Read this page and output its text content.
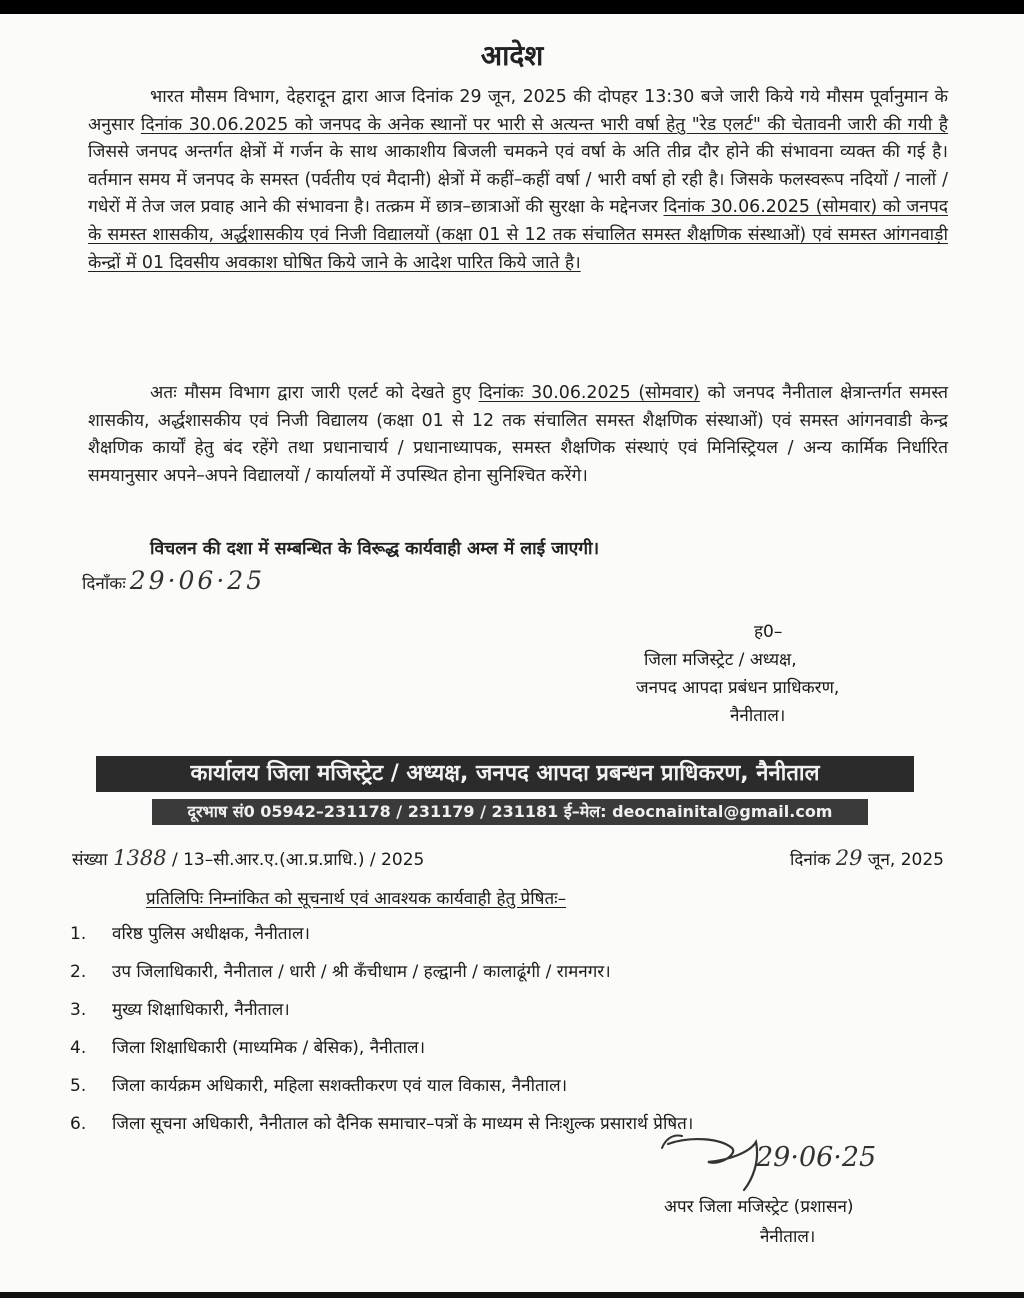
आदेश
भारत मौसम विभाग, देहरादून द्वारा आज दिनांक 29 जून, 2025 की दोपहर 13:30 बजे जारी किये गये मौसम पूर्वानुमान के अनुसार दिनांक 30.06.2025 को जनपद के अनेक स्थानों पर भारी से अत्यन्त भारी वर्षा हेतु "रेड एलर्ट" की चेतावनी जारी की गयी है जिससे जनपद अन्तर्गत क्षेत्रों में गर्जन के साथ आकाशीय बिजली चमकने एवं वर्षा के अति तीव्र दौर होने की संभावना व्यक्त की गई है। वर्तमान समय में जनपद के समस्त (पर्वतीय एवं मैदानी) क्षेत्रों में कहीं–कहीं वर्षा / भारी वर्षा हो रही है। जिसके फलस्वरूप नदियों / नालों / गधेरों में तेज जल प्रवाह आने की संभावना है। तत्क्रम में छात्र–छात्राओं की सुरक्षा के मद्देनजर दिनांक 30.06.2025 (सोमवार) को जनपद के समस्त शासकीय, अर्द्धशासकीय एवं निजी विद्यालयों (कक्षा 01 से 12 तक संचालित समस्त शैक्षणिक संस्थाओं) एवं समस्त आंगनवाड़ी केन्द्रों में 01 दिवसीय अवकाश घोषित किये जाने के आदेश पारित किये जाते है।
अतः मौसम विभाग द्वारा जारी एलर्ट को देखते हुए दिनांकः 30.06.2025 (सोमवार) को जनपद नैनीताल क्षेत्रान्तर्गत समस्त शासकीय, अर्द्धशासकीय एवं निजी विद्यालय (कक्षा 01 से 12 तक संचालित समस्त शैक्षणिक संस्थाओं) एवं समस्त आंगनवाडी केन्द्र शैक्षणिक कार्यों हेतु बंद रहेंगे तथा प्रधानाचार्य / प्रधानाध्यापक, समस्त शैक्षणिक संस्थाएं एवं मिनिस्ट्रियल / अन्य कार्मिक निर्धारित समयानुसार अपने–अपने विद्यालयों / कार्यालयों में उपस्थित होना सुनिश्चित करेंगे।
विचलन की दशा में सम्बन्धित के विरूद्ध कार्यवाही अम्ल में लाई जाएगी।
दिनाँकः 29·06·25
ह0–
जिला मजिस्ट्रेट / अध्यक्ष,
जनपद आपदा प्रबंधन प्राधिकरण,
नैनीताल।
कार्यालय जिला मजिस्ट्रेट / अध्यक्ष, जनपद आपदा प्रबन्धन प्राधिकरण, नैनीताल
दूरभाष सं0 05942–231178 / 231179 / 231181 ई–मेल: deocnainital@gmail.com
संख्या 1388 / 13–सी.आर.ए.(आ.प्र.प्राधि.) / 2025	दिनांक 29 जून, 2025
प्रतिलिपिः निम्नांकित को सूचनार्थ एवं आवश्यक कार्यवाही हेतु प्रेषितः–
1.	वरिष्ठ पुलिस अधीक्षक, नैनीताल।
2.	उप जिलाधिकारी, नैनीताल / धारी / श्री कँचीधाम / हल्द्वानी / कालाढूंगी / रामनगर।
3.	मुख्य शिक्षाधिकारी, नैनीताल।
4.	जिला शिक्षाधिकारी (माध्यमिक / बेसिक), नैनीताल।
5.	जिला कार्यक्रम अधिकारी, महिला सशक्तीकरण एवं याल विकास, नैनीताल।
6.	जिला सूचना अधिकारी, नैनीताल को दैनिक समाचार–पत्रों के माध्यम से निःशुल्क प्रसारार्थ प्रेषित।
29·06·25
अपर जिला मजिस्ट्रेट (प्रशासन)
नैनीताल।
